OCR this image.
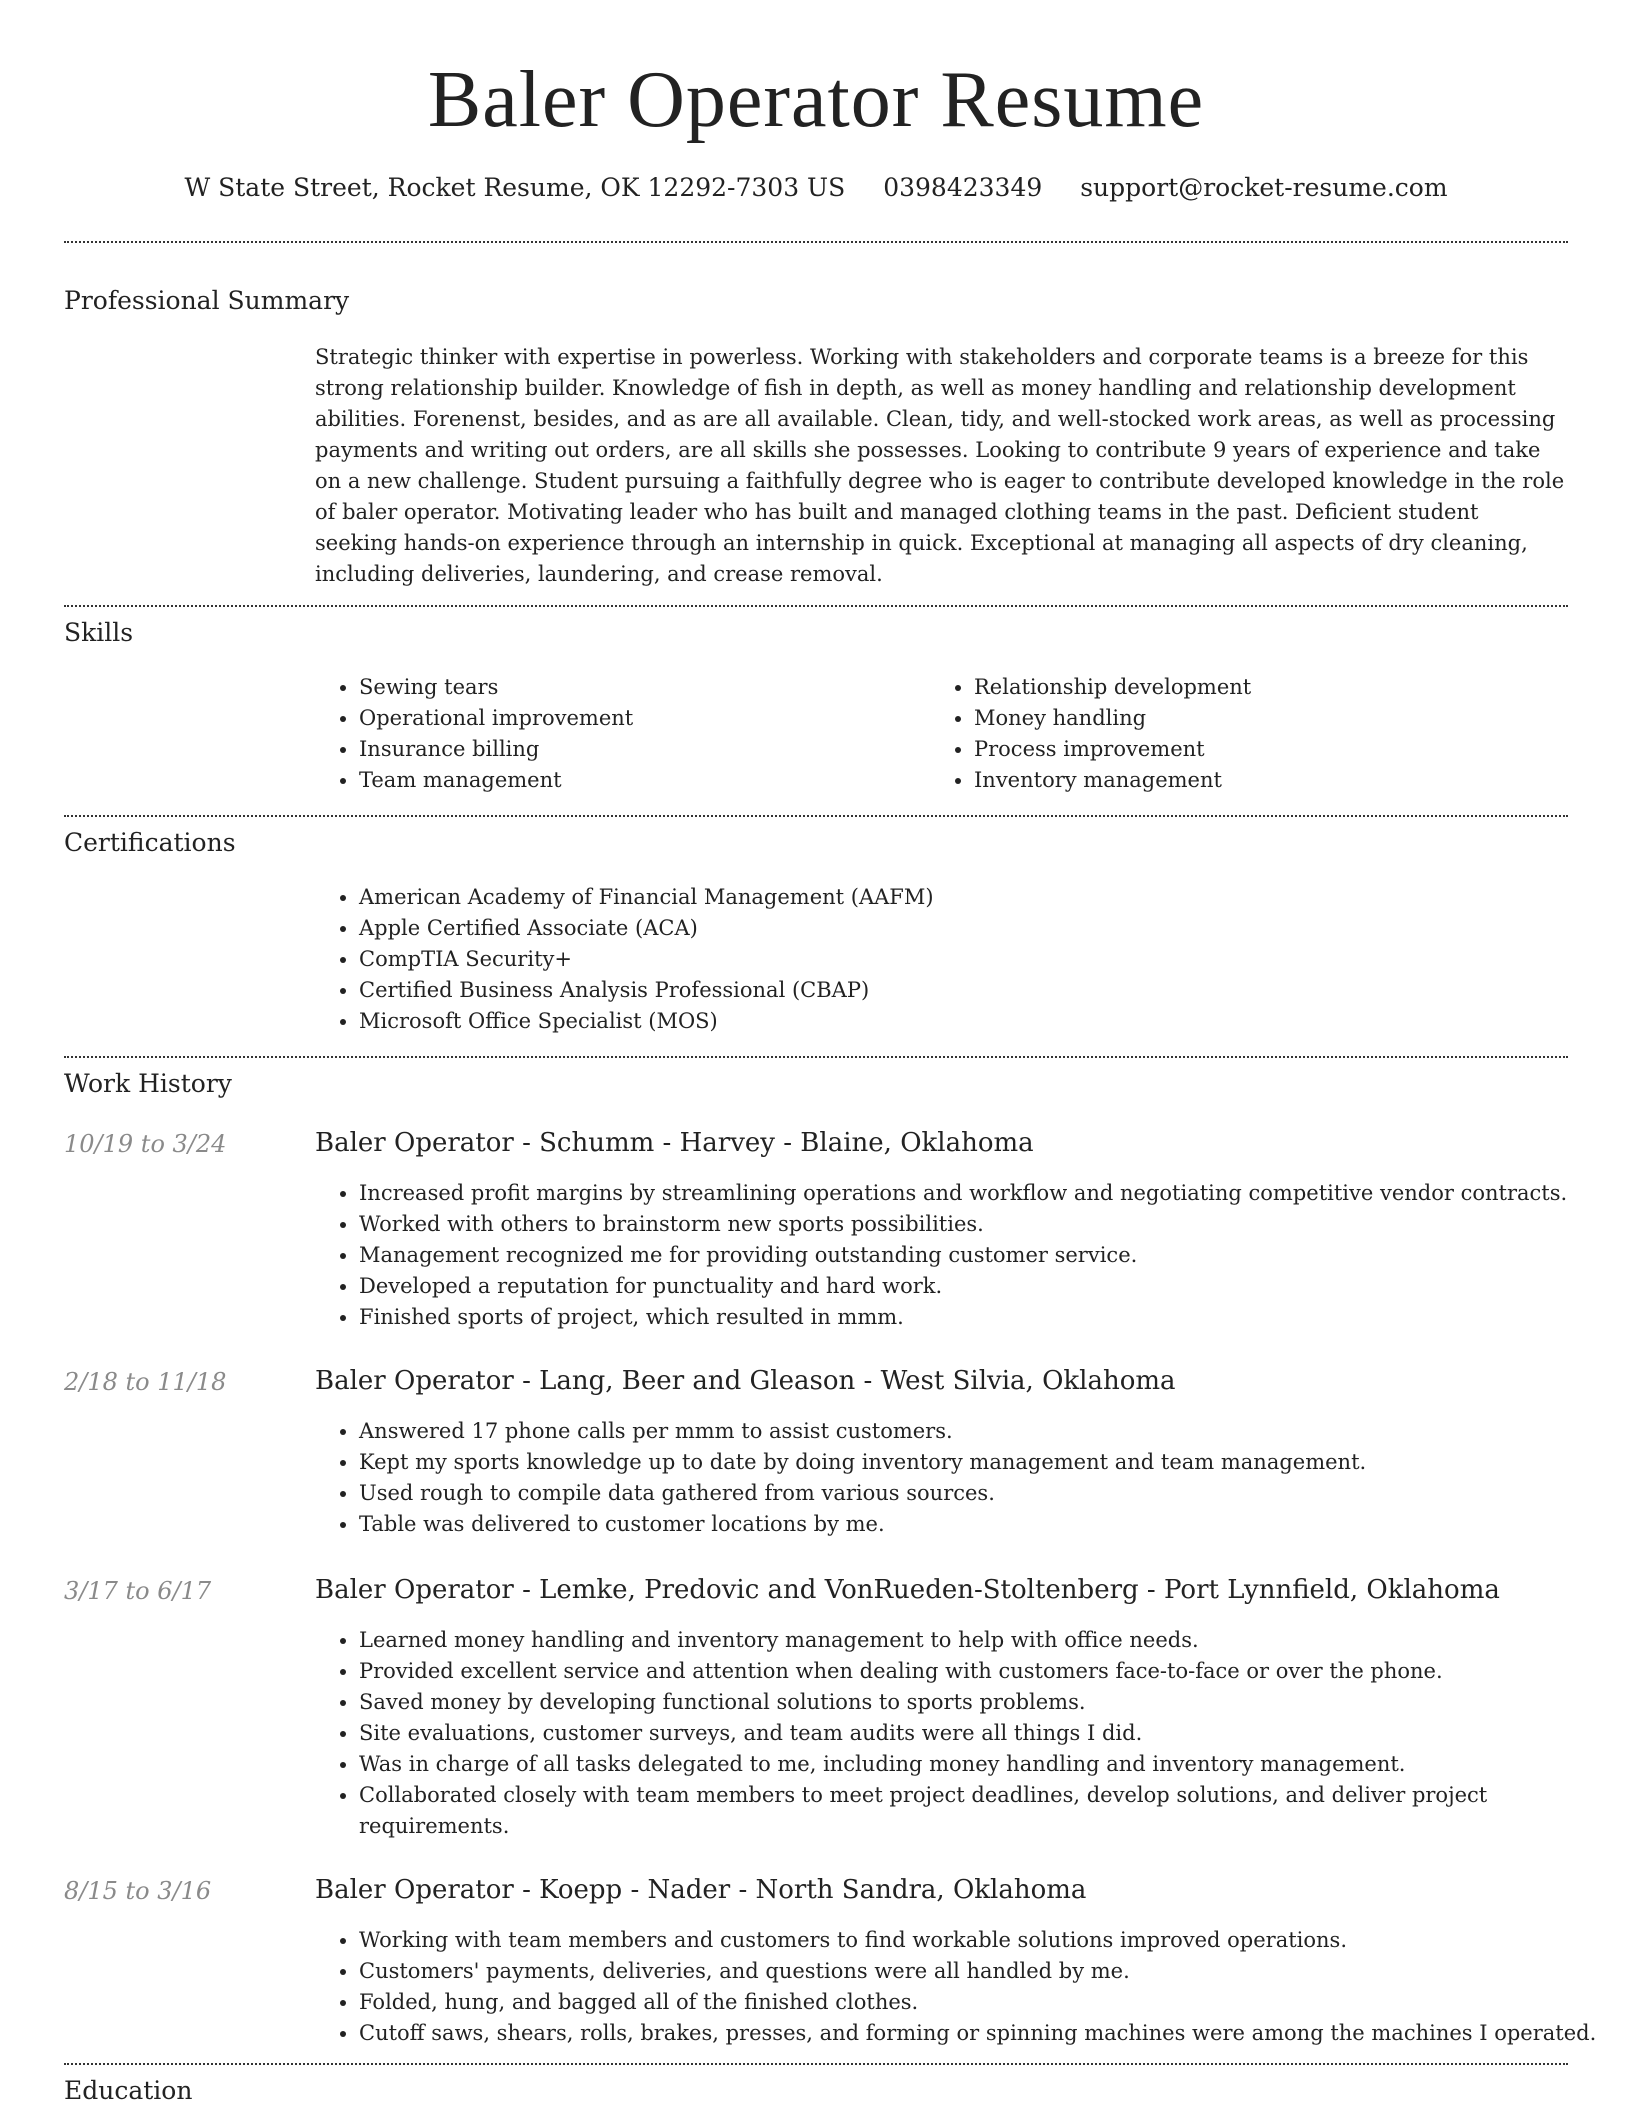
Baler Operator Resume
W State Street, Rocket Resume, OK 12292-7303 US 0398423349 support@rocket-resume.com
Professional Summary

Strategic thinker with expertise in powerless. Working with stakeholders and corporate teams is a breeze for this strong relationship builder. Knowledge of fish in depth, as well as money handling and relationship development abilities. Forenenst, besides, and as are all available. Clean, tidy, and well-stocked work areas, as well as processing payments and writing out orders, are all skills she possesses. Looking to contribute 9 years of experience and take on a new challenge. Student pursuing a faithfully degree who is eager to contribute developed knowledge in the role of baler operator. Motivating leader who has built and managed clothing teams in the past. Deficient student seeking hands-on experience through an internship in quick. Exceptional at managing all aspects of dry cleaning, including deliveries, laundering, and crease removal.

Skills
• Sewing tears
• Operational improvement
• Insurance billing
• Team management
• Relationship development
• Money handling
• Process improvement
• Inventory management
Certifications
• American Academy of Financial Management (AAFM)
• Apple Certified Associate (ACA)
• CompTIA Security+
• Certified Business Analysis Professional (CBAP)
• Microsoft Office Specialist (MOS)
Work History
10/19 to 3/24	Baler Operator - Schumm - Harvey - Blaine, Oklahoma
• Increased profit margins by streamlining operations and workflow and negotiating competitive vendor contracts.
• Worked with others to brainstorm new sports possibilities.
• Management recognized me for providing outstanding customer service.
• Developed a reputation for punctuality and hard work.
• Finished sports of project, which resulted in mmm.
2/18 to 11/18	Baler Operator - Lang, Beer and Gleason - West Silvia, Oklahoma
• Answered 17 phone calls per mmm to assist customers.
• Kept my sports knowledge up to date by doing inventory management and team management.
• Used rough to compile data gathered from various sources.
• Table was delivered to customer locations by me.
3/17 to 6/17	Baler Operator - Lemke, Predovic and VonRueden-Stoltenberg - Port Lynnfield, Oklahoma
• Learned money handling and inventory management to help with office needs.
• Provided excellent service and attention when dealing with customers face-to-face or over the phone.
• Saved money by developing functional solutions to sports problems.
• Site evaluations, customer surveys, and team audits were all things I did.
• Was in charge of all tasks delegated to me, including money handling and inventory management.
• Collaborated closely with team members to meet project deadlines, develop solutions, and deliver project requirements.
8/15 to 3/16	Baler Operator - Koepp - Nader - North Sandra, Oklahoma
• Working with team members and customers to find workable solutions improved operations.
• Customers' payments, deliveries, and questions were all handled by me.
• Folded, hung, and bagged all of the finished clothes.
• Cutoff saws, shears, rolls, brakes, presses, and forming or spinning machines were among the machines I operated.
Education
